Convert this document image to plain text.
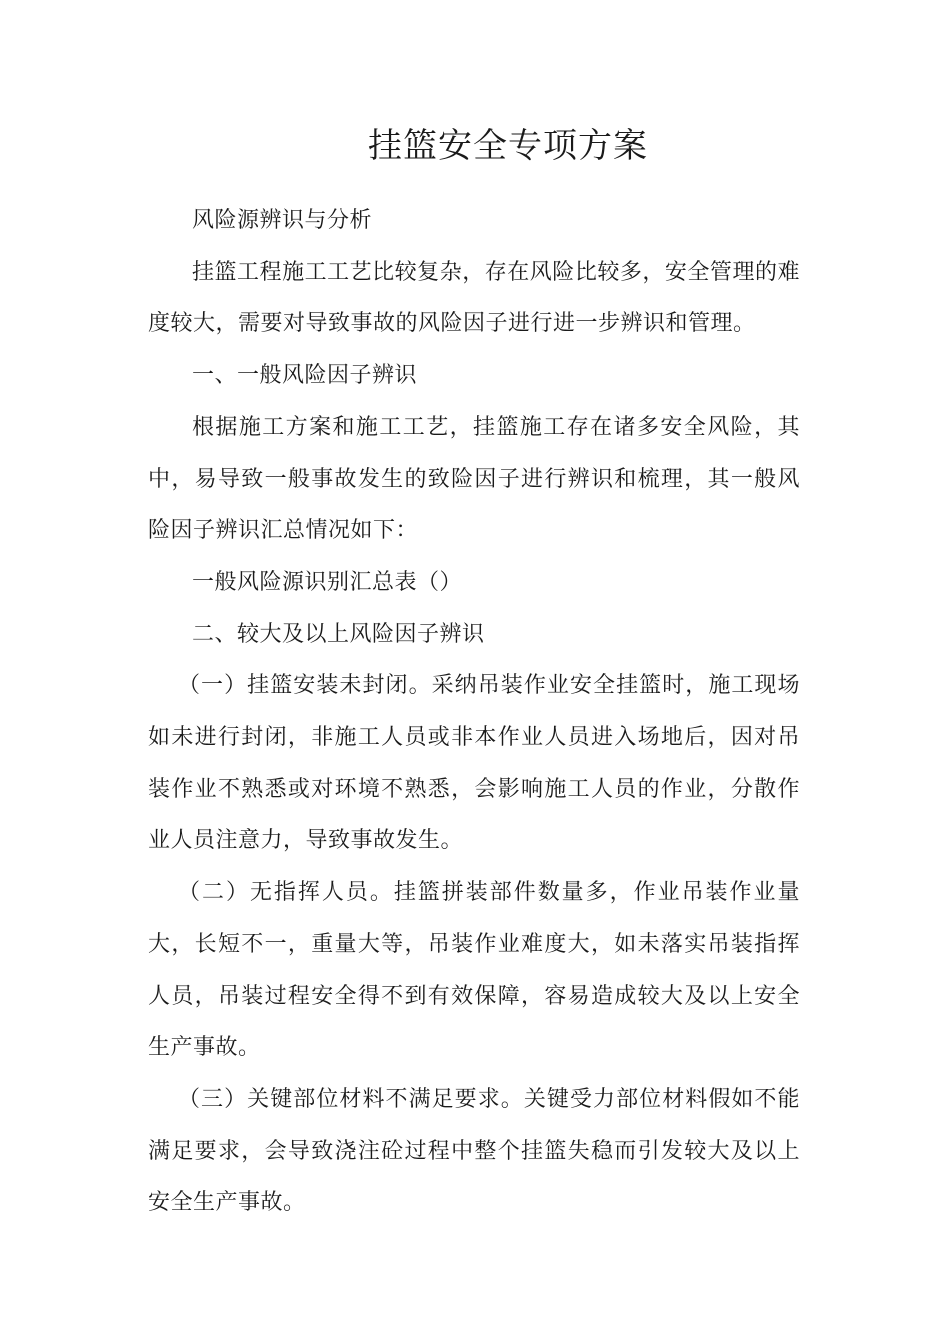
挂篮安全专项方案

风险源辨识与分析

挂篮工程施工工艺比较复杂，存在风险比较多，安全管理的难度较大，需要对导致事故的风险因子进行进一步辨识和管理。

一、一般风险因子辨识

根据施工方案和施工工艺，挂篮施工存在诸多安全风险，其中，易导致一般事故发生的致险因子进行辨识和梳理，其一般风险因子辨识汇总情况如下：

一般风险源识别汇总表（）

二、较大及以上风险因子辨识

（一）挂篮安装未封闭。采纳吊装作业安全挂篮时，施工现场如未进行封闭，非施工人员或非本作业人员进入场地后，因对吊装作业不熟悉或对环境不熟悉，会影响施工人员的作业，分散作业人员注意力，导致事故发生。

（二）无指挥人员。挂篮拼装部件数量多，作业吊装作业量大，长短不一，重量大等，吊装作业难度大，如未落实吊装指挥人员，吊装过程安全得不到有效保障，容易造成较大及以上安全生产事故。

（三）关键部位材料不满足要求。关键受力部位材料假如不能满足要求，会导致浇注砼过程中整个挂篮失稳而引发较大及以上安全生产事故。
